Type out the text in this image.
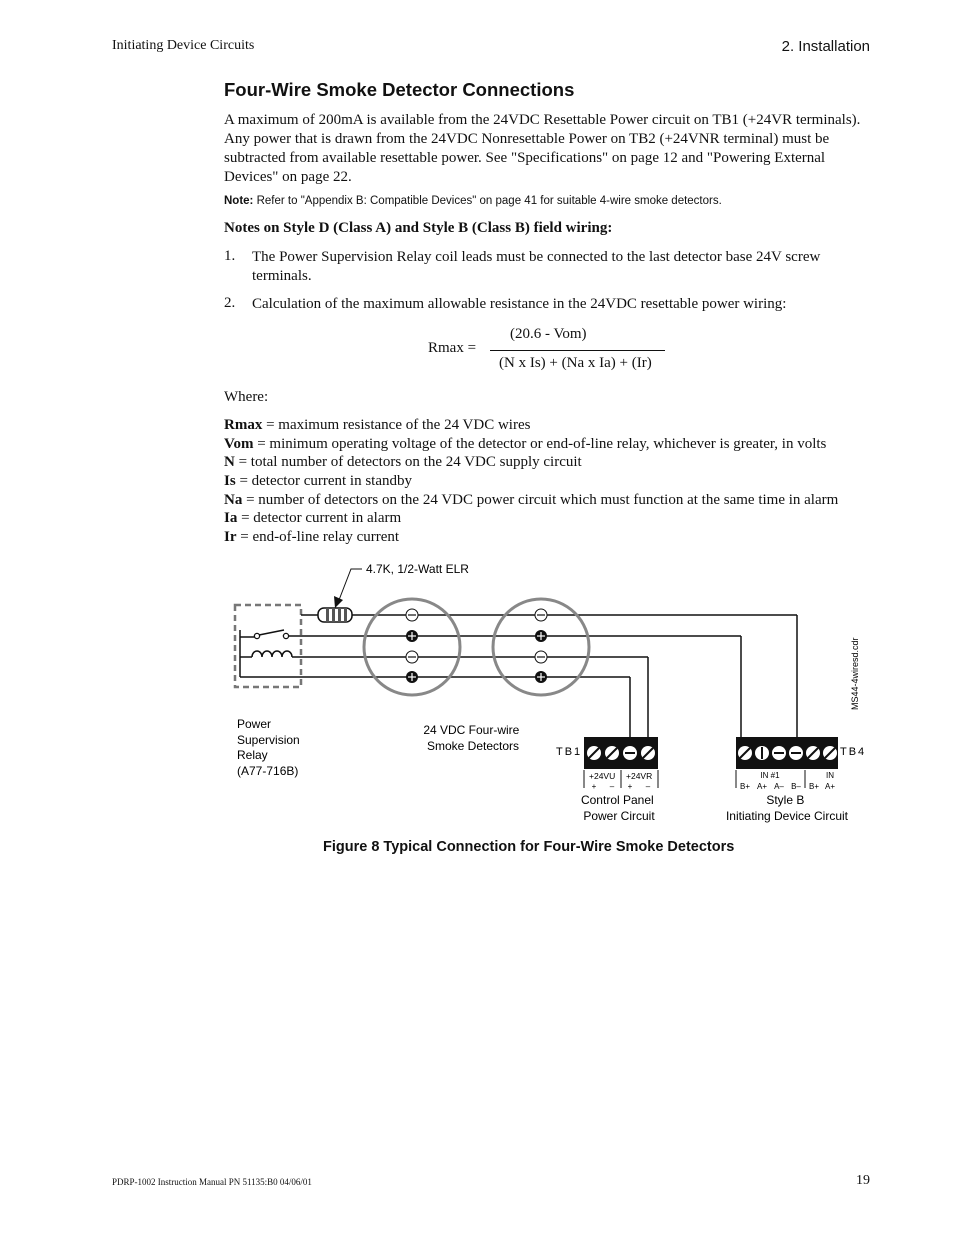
Initiating Device Circuits	2. Installation
Four-Wire Smoke Detector Connections
A maximum of 200mA is available from the 24VDC Resettable Power circuit on TB1 (+24VR terminals).
Any power that is drawn from the 24VDC Nonresettable Power on TB2 (+24VNR terminal) must be
subtracted from available resettable power. See "Specifications" on page 12 and "Powering External
Devices" on page 22.
Note: Refer to "Appendix B: Compatible Devices" on page 41 for suitable 4-wire smoke detectors.
Notes on Style D (Class A) and Style B (Class B) field wiring:
1. The Power Supervision Relay coil leads must be connected to the last detector base 24V screw
terminals.
2. Calculation of the maximum allowable resistance in the 24VDC resettable power wiring:
Rmax =
(20.6 - Vom)
(N x Is) + (Na x Ia) + (Ir)
Where:
Rmax = maximum resistance of the 24 VDC wires
Vom = minimum operating voltage of the detector or end-of-line relay, whichever is greater, in volts
N = total number of detectors on the 24 VDC supply circuit
Is = detector current in standby
Na = number of detectors on the 24 VDC power circuit which must function at the same time in alarm
Ia = detector current in alarm
Ir = end-of-line relay current
4.7K, 1/2-Watt ELR
Power Supervision Relay (A77-716B)
24 VDC Four-wire Smoke Detectors
MS44-4wiresd.cdr
TB1
+24VU +24VR
+ – + –
TB4
IN #1	IN
B+ A+ A– B– B+ A+
Control Panel Power Circuit
Style B Initiating Device Circuit
Figure 8 Typical Connection for Four-Wire Smoke Detectors
PDRP-1002 Instruction Manual PN 51135:B0 04/06/01	19
